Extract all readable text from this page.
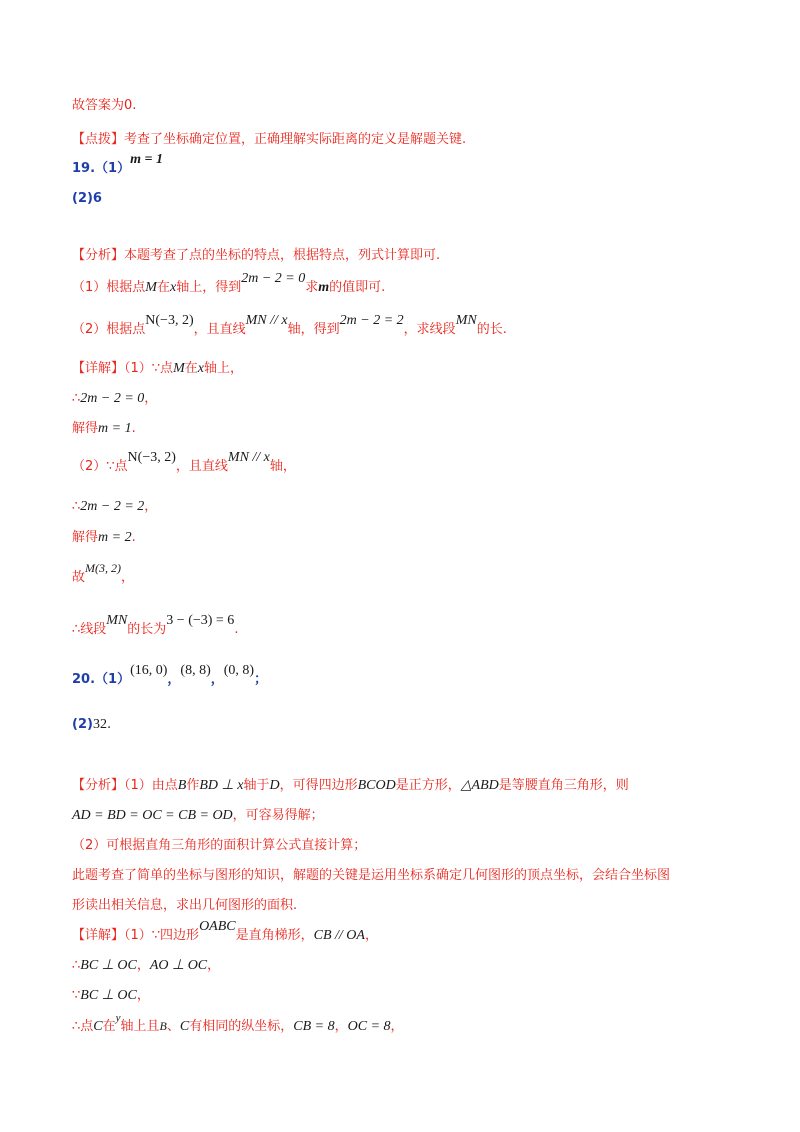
故答案为0.
【点拨】考查了坐标确定位置，正确理解实际距离的定义是解题关键.
19.（1）m = 1
(2)6
【分析】本题考查了点的坐标的特点，根据特点，列式计算即可.
（1）根据点M在x轴上，得到2m − 2 = 0求m的值即可.
（2）根据点N(−3, 2)，且直线MN // x轴，得到2m − 2 = 2，求线段MN的长.
【详解】（1）∵点M在x轴上，
∴2m − 2 = 0，
解得m = 1.
（2）∵点N(−3, 2)，且直线MN // x轴，
∴2m − 2 = 2，
解得m = 2.
故M(3, 2)，
∴线段MN的长为3 − (−3) = 6.
20.（1）(16, 0)，(8, 8)，(0, 8)；
(2)32.
【分析】（1）由点B作BD ⊥ x轴于D，可得四边形BCOD是正方形，△ABD是等腰直角三角形，则
AD = BD = OC = CB = OD，可容易得解；
（2）可根据直角三角形的面积计算公式直接计算；
此题考查了简单的坐标与图形的知识，解题的关键是运用坐标系确定几何图形的顶点坐标，会结合坐标图
形读出相关信息，求出几何图形的面积.
【详解】（1）∵四边形OABC是直角梯形，CB // OA，
∴BC ⊥ OC，AO ⊥ OC，
∵BC ⊥ OC，
∴点C在$^y$轴上且B、C有相同的纵坐标，CB = 8，OC = 8，
